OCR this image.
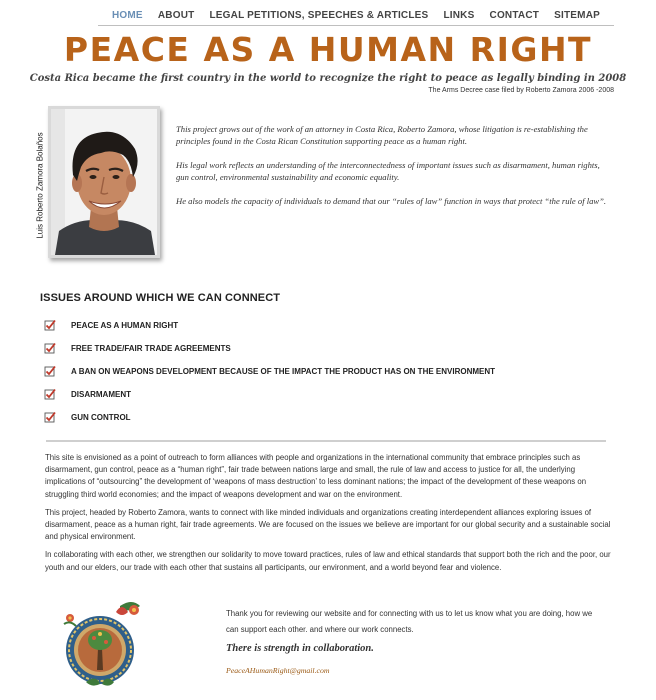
HOME ABOUT LEGAL PETITIONS, SPEECHES & ARTICLES LINKS CONTACT SITEMAP
PEACE AS A HUMAN RIGHT
Costa Rica became the first country in the world to recognize the right to peace as legally binding in 2008
The Arms Decree case filed by Roberto Zamora 2006 -2008
Luis Roberto Zamora Bolaños

This project grows out of the work of an attorney in Costa Rica, Roberto Zamora, whose litigation is re-establishing the principles found in the Costa Rican Constitution supporting peace as a human right.

His legal work reflects an understanding of the interconnectedness of important issues such as disarmament, human rights, gun control, environmental sustainability and economic equality.

He also models the capacity of individuals to demand that our “rules of law” function in ways that protect “the rule of law”.

ISSUES AROUND WHICH WE CAN CONNECT
PEACE AS A HUMAN RIGHT
FREE TRADE/FAIR TRADE AGREEMENTS
A BAN ON WEAPONS DEVELOPMENT BECAUSE OF THE IMPACT THE PRODUCT HAS ON THE ENVIRONMENT
DISARMAMENT
GUN CONTROL

This site is envisioned as a point of outreach to form alliances with people and organizations in the international community that embrace principles such as disarmament, gun control, peace as a “human right”, fair trade between nations large and small, the rule of law and access to justice for all, the underlying implications of “outsourcing” the development of ‘weapons of mass destruction’ to less dominant nations; the impact of the development of these weapons on struggling third world economies; and the impact of weapons development and war on the environment.

This project, headed by Roberto Zamora, wants to connect with like minded individuals and organizations creating interdependent alliances exploring issues of disarmament, peace as a human right, fair trade agreements. We are focused on the issues we believe are important for our global security and a sustainable social and physical environment.

In collaborating with each other, we strengthen our solidarity to move toward practices, rules of law and ethical standards that support both the rich and the poor, our youth and our elders, our trade with each other that sustains all participants, our environment, and a world beyond fear and violence.

Thank you for reviewing our website and for connecting with us to let us know what you are doing, how we can support each other. and where our work connects.
There is strength in collaboration.
PeaceAHumanRight@gmail.com
